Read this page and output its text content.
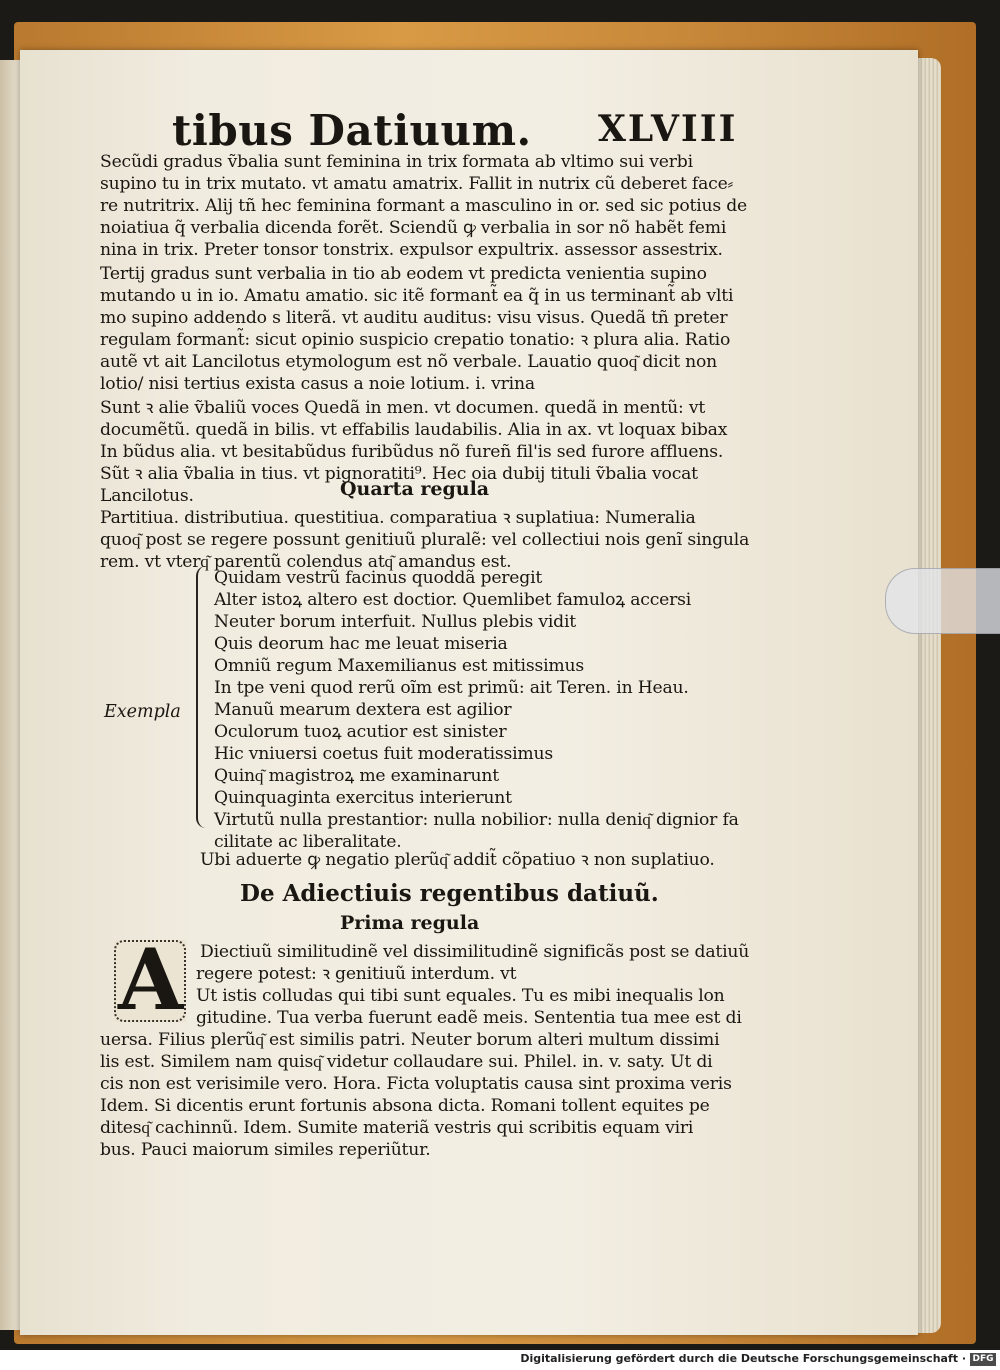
tibus Datiuum. XLVIII
Secũdi gradus ṽbalia sunt feminina in trix formata ab vltimo sui verbi
supino tu in trix mutato. vt amatu amatrix. Fallit in nutrix cũ deberet face⸗
re nutritrix. Alij tñ hec feminina formant a masculino in or. sed sic potius de
noiatiua q̃ verbalia dicenda forẽt. Sciendũ ꝙ verbalia in sor nõ habẽt femi
nina in trix. Preter tonsor tonstrix. expulsor expultrix. assessor assestrix.
Tertij gradus sunt verbalia in tio ab eodem vt predicta venientia supino
mutando u in io. Amatu amatio. sic itẽ formant̃ ea q̃ in us terminant̃ ab vlti
mo supino addendo s literã. vt auditu auditus: visu visus. Quedã tñ preter
regulam formant̃: sicut opinio suspicio crepatio tonatio: ꝛ plura alia. Ratio
autẽ vt ait Lancilotus etymologum est nõ verbale. Lauatio quoq͂ dicit non
lotio/ nisi tertius exista casus a noie lotium. i. vrina
Sunt ꝛ alie ṽbaliũ voces Quedã in men. vt documen. quedã in mentũ: vt
documẽtũ. quedã in bilis. vt effabilis laudabilis. Alia in ax. vt loquax bibax
In bũdus alia. vt besitabũdus furibũdus nõ fureñ fil'is sed furore affluens.
Sũt ꝛ alia ṽbalia in tius. vt pignoratiti⁹. Hec oia dubij tituli ṽbalia vocat
Lancilotus.	Quarta regula
Partitiua. distributiua. questitiua. comparatiua ꝛ suplatiua: Numeralia
quoq͂ post se regere possunt genitiuũ pluralẽ: vel collectiui nois genĩ singula
rem. vt vterq͂ parentũ colendus atq͂ amandus est.
Exempla
Quidam vestrũ facinus quoddã peregit
Alter istoꝝ altero est doctior. Quemlibet famuloꝝ accersi
Neuter borum interfuit. Nullus plebis vidit
Quis deorum hac me leuat miseria
Omniũ regum Maxemilianus est mitissimus
In tpe veni quod rerũ oĩm est primũ: ait Teren. in Heau.
Manuũ mearum dextera est agilior
Oculorum tuoꝝ acutior est sinister
Hic vniuersi coetus fuit moderatissimus
Quinq͂ magistroꝝ me examinarunt
Quinquaginta exercitus interierunt
Virtutũ nulla prestantior: nulla nobilior: nulla deniq͂ dignior fa
cilitate ac liberalitate.
Ubi aduerte ꝙ negatio plerũq͂ addit̃ cõpatiuo ꝛ non suplatiuo.
De Adiectiuis regentibus datiuũ.
Prima regula
A Diectiuũ similitudinẽ vel dissimilitudinẽ significãs post se datiuũ
regere potest: ꝛ genitiuũ interdum. vt
Ut istis colludas qui tibi sunt equales. Tu es mibi inequalis lon
gitudine. Tua verba fuerunt eadẽ meis. Sententia tua mee est di
uersa. Filius plerũq͂ est similis patri. Neuter borum alteri multum dissimi
lis est. Similem nam quisq͂ videtur collaudare sui. Philel. in. v. saty. Ut di
cis non est verisimile vero. Hora. Ficta voluptatis causa sint proxima veris
Idem. Si dicentis erunt fortunis absona dicta. Romani tollent equites pe
ditesq͂ cachinnũ. Idem. Sumite materiã vestris qui scribitis equam viri
bus. Pauci maiorum similes reperiũtur.
Digitalisierung gefördert durch die Deutsche Forschungsgemeinschaft · DFG
